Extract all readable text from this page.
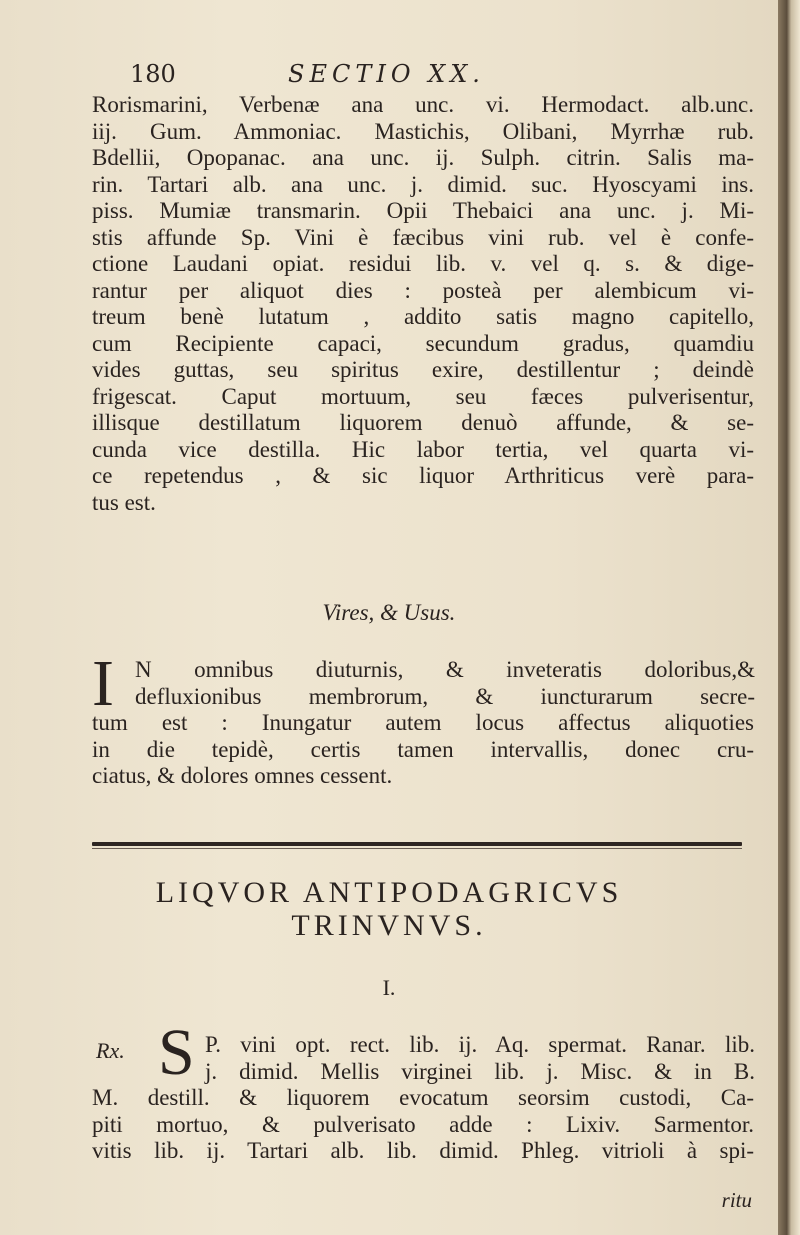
180	SECTIO XX.
Rorismarini, Verbenæ ana unc. vi. Hermodact. alb.unc.
iij. Gum. Ammoniac. Mastichis, Olibani, Myrrhæ rub.
Bdellii, Opopanac. ana unc. ij. Sulph. citrin. Salis ma-
rin. Tartari alb. ana unc. j. dimid. suc. Hyoscyami ins.
piss. Mumiæ transmarin. Opii Thebaici ana unc. j. Mi-
stis affunde Sp. Vini è fæcibus vini rub. vel è confe-
ctione Laudani opiat. residui lib. v. vel q. s. & dige-
rantur per aliquot dies : posteà per alembicum vi-
treum benè lutatum , addito satis magno capitello,
cum Recipiente capaci, secundum gradus, quamdiu
vides guttas, seu spiritus exire, destillentur ; deindè
frigescat. Caput mortuum, seu fæces pulverisentur,
illisque destillatum liquorem denuò affunde, & se-
cunda vice destilla. Hic labor tertia, vel quarta vi-
ce repetendus , & sic liquor Arthriticus verè para-
tus est.
Vires, & Usus.
I N omnibus diuturnis, & inveteratis doloribus,&
defluxionibus membrorum, & iuncturarum secre-
tum est : Inungatur autem locus affectus aliquoties
in die tepidè, certis tamen intervallis, donec cru-
ciatus, & dolores omnes cessent.
LIQVOR ANTIPODAGRICVS
TRINVNVS.
I.
Rx. S P. vini opt. rect. lib. ij. Aq. spermat. Ranar. lib.
j. dimid. Mellis virginei lib. j. Misc. & in B.
M. destill. & liquorem evocatum seorsim custodi, Ca-
piti mortuo, & pulverisato adde : Lixiv. Sarmentor.
vitis lib. ij. Tartari alb. lib. dimid. Phleg. vitrioli à spi-
ritu
